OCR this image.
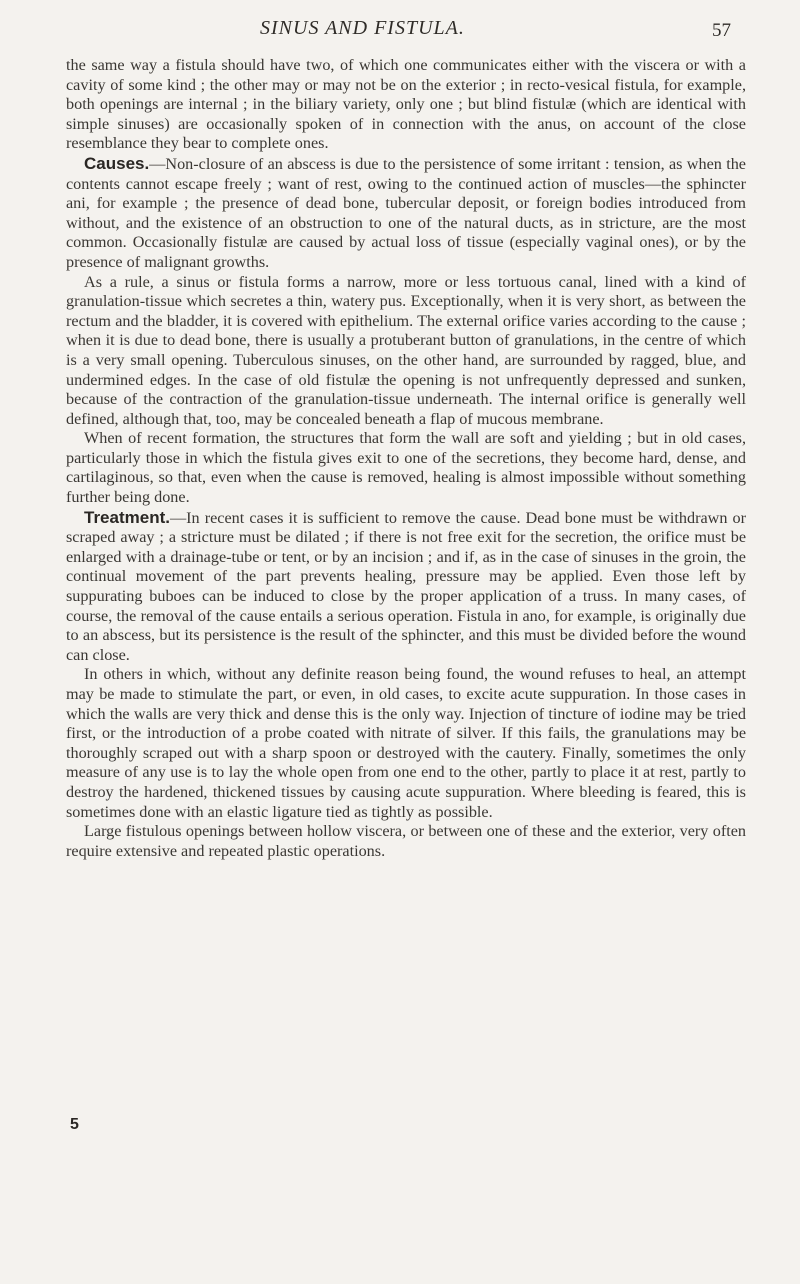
SINUS AND FISTULA.	57

the same way a fistula should have two, of which one communicates either with the viscera or with a cavity of some kind ; the other may or may not be on the exterior ; in recto-vesical fistula, for example, both openings are internal ; in the biliary variety, only one ; but blind fistulæ (which are identical with simple sinuses) are occasionally spoken of in connection with the anus, on account of the close resemblance they bear to complete ones.

Causes.—Non-closure of an abscess is due to the persistence of some irritant : tension, as when the contents cannot escape freely ; want of rest, owing to the continued action of muscles—the sphincter ani, for example ; the presence of dead bone, tubercular deposit, or foreign bodies introduced from without, and the existence of an obstruction to one of the natural ducts, as in stricture, are the most common. Occasionally fistulæ are caused by actual loss of tissue (especially vaginal ones), or by the presence of malignant growths.

As a rule, a sinus or fistula forms a narrow, more or less tortuous canal, lined with a kind of granulation-tissue which secretes a thin, watery pus. Exceptionally, when it is very short, as between the rectum and the bladder, it is covered with epithelium. The external orifice varies according to the cause ; when it is due to dead bone, there is usually a protuberant button of granulations, in the centre of which is a very small opening. Tuberculous sinuses, on the other hand, are surrounded by ragged, blue, and undermined edges. In the case of old fistulæ the opening is not unfrequently depressed and sunken, because of the contraction of the granulation-tissue underneath. The internal orifice is generally well defined, although that, too, may be concealed beneath a flap of mucous membrane.

When of recent formation, the structures that form the wall are soft and yielding ; but in old cases, particularly those in which the fistula gives exit to one of the secretions, they become hard, dense, and cartilaginous, so that, even when the cause is removed, healing is almost impossible without something further being done.

Treatment.—In recent cases it is sufficient to remove the cause. Dead bone must be withdrawn or scraped away ; a stricture must be dilated ; if there is not free exit for the secretion, the orifice must be enlarged with a drainage-tube or tent, or by an incision ; and if, as in the case of sinuses in the groin, the continual movement of the part prevents healing, pressure may be applied. Even those left by suppurating buboes can be induced to close by the proper application of a truss. In many cases, of course, the removal of the cause entails a serious operation. Fistula in ano, for example, is originally due to an abscess, but its persistence is the result of the sphincter, and this must be divided before the wound can close.

In others in which, without any definite reason being found, the wound refuses to heal, an attempt may be made to stimulate the part, or even, in old cases, to excite acute suppuration. In those cases in which the walls are very thick and dense this is the only way. Injection of tincture of iodine may be tried first, or the introduction of a probe coated with nitrate of silver. If this fails, the granulations may be thoroughly scraped out with a sharp spoon or destroyed with the cautery. Finally, sometimes the only measure of any use is to lay the whole open from one end to the other, partly to place it at rest, partly to destroy the hardened, thickened tissues by causing acute suppuration. Where bleeding is feared, this is sometimes done with an elastic ligature tied as tightly as possible.

Large fistulous openings between hollow viscera, or between one of these and the exterior, very often require extensive and repeated plastic operations.

5
